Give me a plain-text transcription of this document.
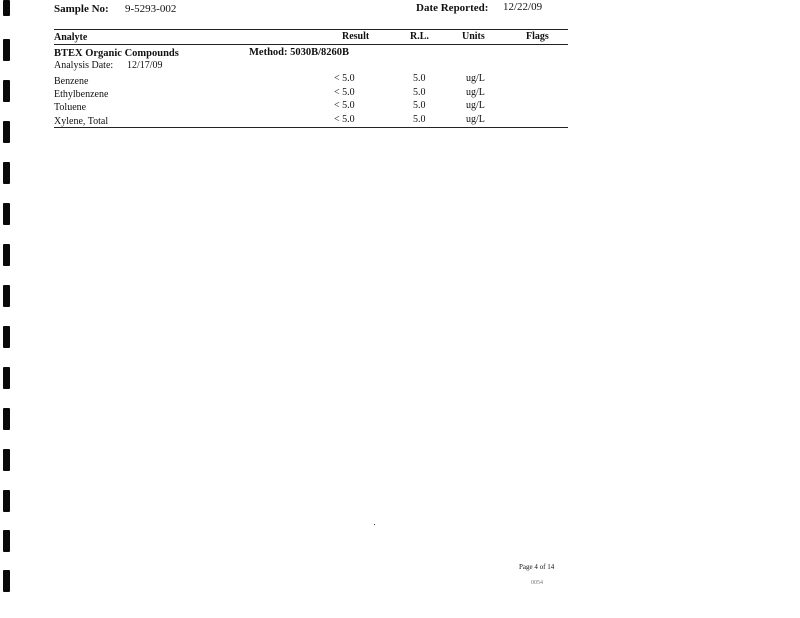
Sample No: 9-5293-002	Date Reported: 12/22/09
Analyte	Result	R.L.	Units	Flags
BTEX Organic Compounds	Method: 5030B/8260B
Analysis Date: 12/17/09
Benzene	< 5.0	5.0	ug/L
Ethylbenzene	< 5.0	5.0	ug/L
Toluene	< 5.0	5.0	ug/L
Xylene, Total	< 5.0	5.0	ug/L
Page 4 of 14
0054
